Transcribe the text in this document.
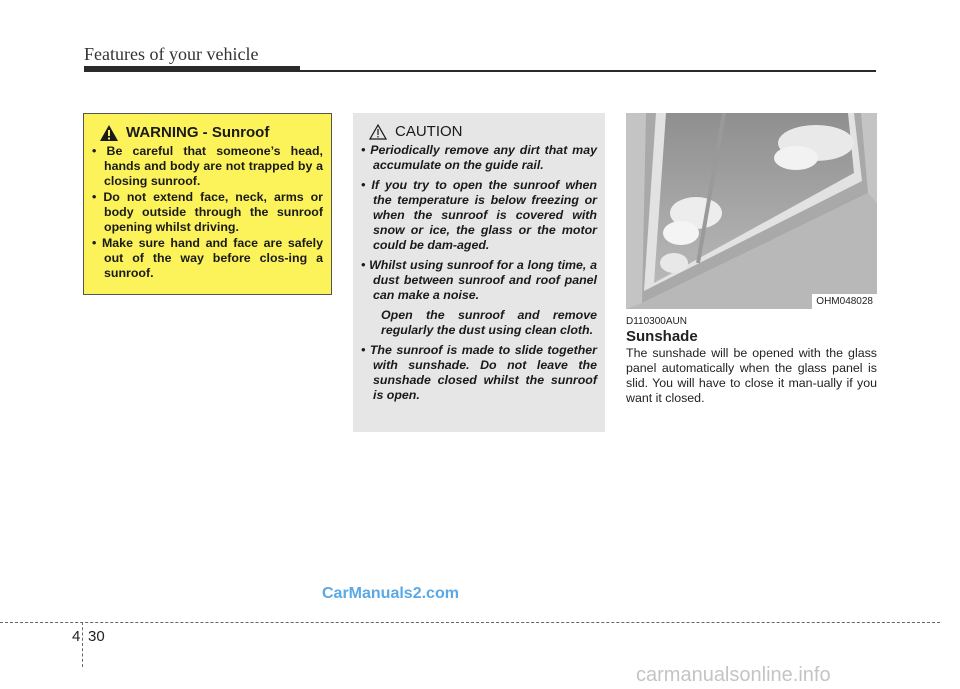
Features of your vehicle
WARNING - Sunroof
• Be careful that someone’s head, hands and body are not trapped by a closing sunroof.
• Do not extend face, neck, arms or body outside through the sunroof opening whilst driving.
• Make sure hand and face are safely out of the way before clos-ing a sunroof.
CAUTION
• Periodically remove any dirt that may accumulate on the guide rail.
• If you try to open the sunroof when the temperature is below freezing or when the sunroof is covered with snow or ice, the glass or the motor could be dam-aged.
• Whilst using sunroof for a long time, a dust between sunroof and roof panel can make a noise.
Open the sunroof and remove regularly the dust using clean cloth.
• The sunroof is made to slide together with sunshade. Do not leave the sunshade closed whilst the sunroof is open.
OHM048028
D110300AUN
Sunshade
The sunshade will be opened with the glass panel automatically when the glass panel is slid. You will have to close it man-ually if you want it closed.
4 30
CarManuals2.com
carmanualsonline.info
